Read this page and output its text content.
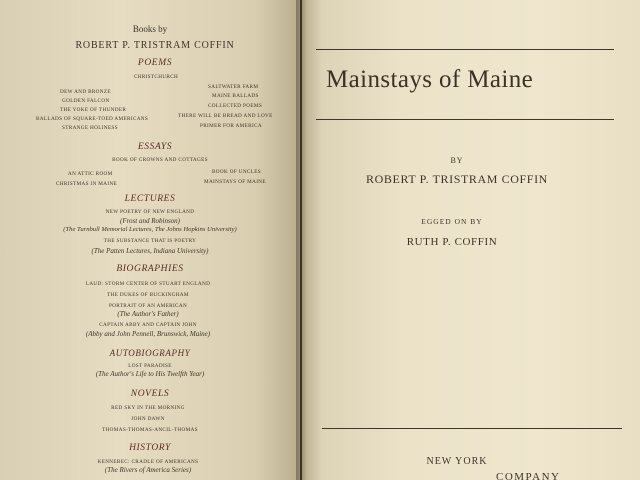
Books by
ROBERT P. TRISTRAM COFFIN
POEMS
CHRISTCHURCH
DEW AND BRONZE
GOLDEN FALCON
THE YOKE OF THUNDER
BALLADS OF SQUARE-TOED AMERICANS
STRANGE HOLINESS
SALTWATER FARM
MAINE BALLADS
COLLECTED POEMS
THERE WILL BE BREAD AND LOVE
PRIMER FOR AMERICA
ESSAYS
BOOK OF CROWNS AND COTTAGES
AN ATTIC ROOM
CHRISTMAS IN MAINE
BOOK OF UNCLES
MAINSTAYS OF MAINE
LECTURES
NEW POETRY OF NEW ENGLAND
(Frost and Robinson)
(The Turnbull Memorial Lectures, The Johns Hopkins University)
THE SUBSTANCE THAT IS POETRY
(The Patten Lectures, Indiana University)
BIOGRAPHIES
LAUD: STORM CENTER OF STUART ENGLAND
THE DUKES OF BUCKINGHAM
PORTRAIT OF AN AMERICAN
(The Author's Father)
CAPTAIN ABBY AND CAPTAIN JOHN
(Abby and John Pennell, Brunswick, Maine)
AUTOBIOGRAPHY
LOST PARADISE
(The Author's Life to His Twelfth Year)
NOVELS
RED SKY IN THE MORNING
JOHN DAWN
THOMAS-THOMAS-ANCIL-THOMAS
HISTORY
KENNEBEC: CRADLE OF AMERICANS
(The Rivers of America Series)
Mainstays of Maine
BY
ROBERT P. TRISTRAM COFFIN
EGGED ON BY
RUTH P. COFFIN
NEW YORK
COMPANY
